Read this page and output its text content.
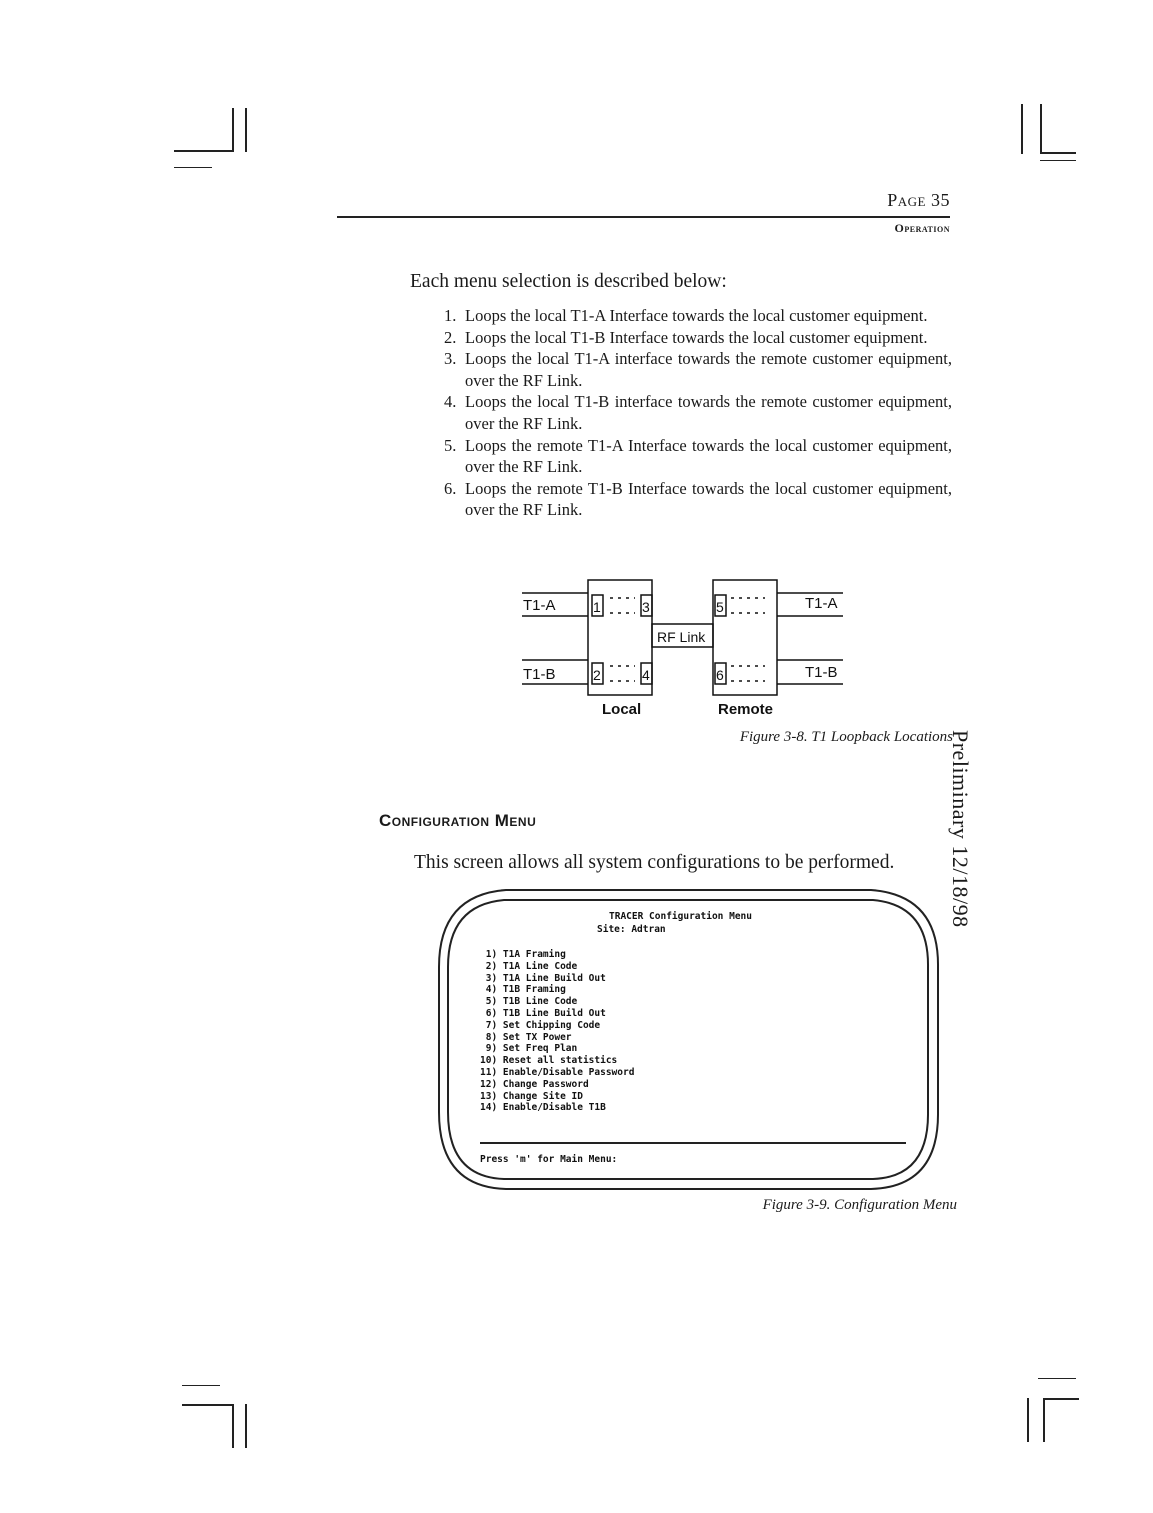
Page 35
Operation
Each menu selection is described below:
1. Loops the local T1-A Interface towards the local customer equipment.
2. Loops the local T1-B Interface towards the local customer equipment.
3. Loops the local T1-A interface towards the remote customer equipment, over the RF Link.
4. Loops the local T1-B interface towards the remote customer equipment, over the RF Link.
5. Loops the remote T1-A Interface towards the local customer equipment, over the RF Link.
6. Loops the remote T1-B Interface towards the local customer equipment, over the RF Link.
T1-A
T1-B
T1-A
T1-B
RF Link
Local	Remote
1
2
3
4
5
6
Figure 3-8. T1 Loopback Locations
Preliminary 12/18/98
Configuration Menu
This screen allows all system configurations to be performed.
TRACER Configuration Menu
Site: Adtran
1) T1A Framing
2) T1A Line Code
3) T1A Line Build Out
4) T1B Framing
5) T1B Line Code
6) T1B Line Build Out
7) Set Chipping Code
8) Set TX Power
9) Set Freq Plan
10) Reset all statistics
11) Enable/Disable Password
12) Change Password
13) Change Site ID
14) Enable/Disable T1B
Press 'm' for Main Menu:
Figure 3-9. Configuration Menu
